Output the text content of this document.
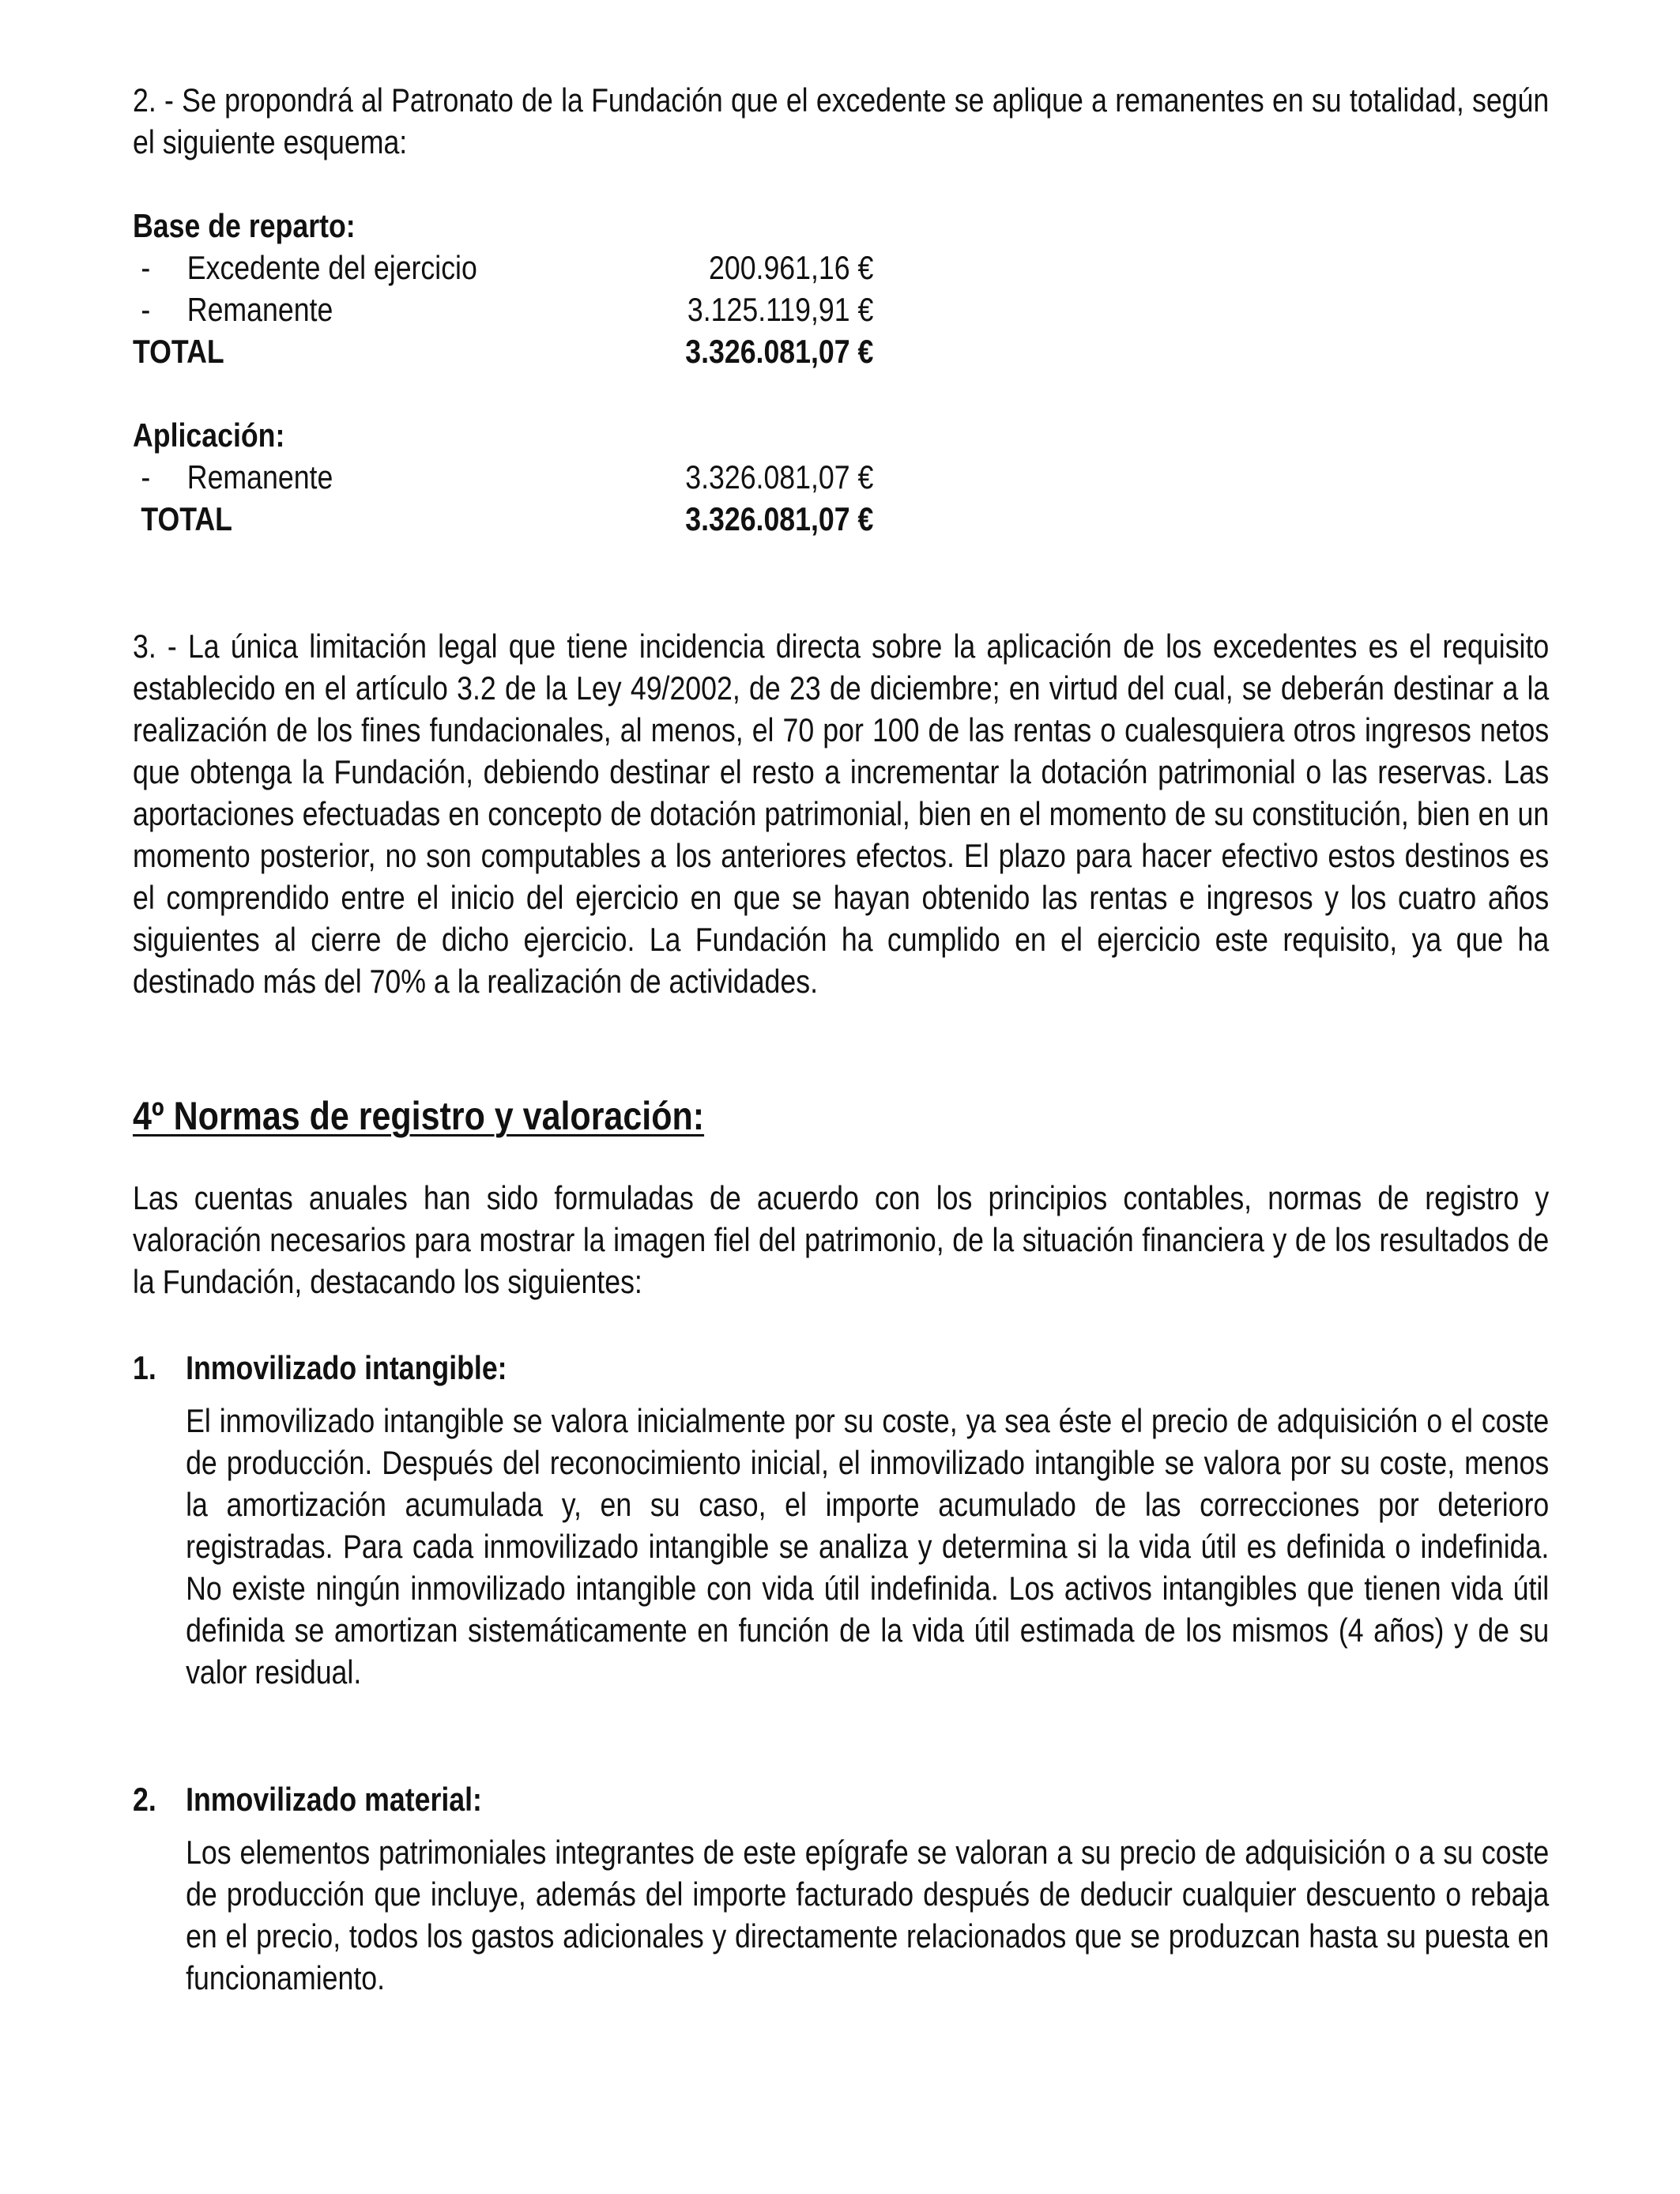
2. - Se propondrá al Patronato de la Fundación que el excedente se aplique a remanentes en su totalidad, según el siguiente esquema:

Base de reparto:
-	Excedente del ejercicio	200.961,16 €
-	Remanente	3.125.119,91 €
TOTAL	3.326.081,07 €
Aplicación:
-	Remanente	3.326.081,07 €
TOTAL	3.326.081,07 €

3. - La única limitación legal que tiene incidencia directa sobre la aplicación de los excedentes es el requisito establecido en el artículo 3.2 de la Ley 49/2002, de 23 de diciembre; en virtud del cual, se deberán destinar a la realización de los fines fundacionales, al menos, el 70 por 100 de las rentas o cualesquiera otros ingresos netos que obtenga la Fundación, debiendo destinar el resto a incrementar la dotación patrimonial o las reservas. Las aportaciones efectuadas en concepto de dotación patrimonial, bien en el momento de su constitución, bien en un momento posterior, no son computables a los anteriores efectos. El plazo para hacer efectivo estos destinos es el comprendido entre el inicio del ejercicio en que se hayan obtenido las rentas e ingresos y los cuatro años siguientes al cierre de dicho ejercicio. La Fundación ha cumplido en el ejercicio este requisito, ya que ha destinado más del 70% a la realización de actividades.

4º Normas de registro y valoración:

Las cuentas anuales han sido formuladas de acuerdo con los principios contables, normas de registro y valoración necesarios para mostrar la imagen fiel del patrimonio, de la situación financiera y de los resultados de la Fundación, destacando los siguientes:

1. Inmovilizado intangible:

El inmovilizado intangible se valora inicialmente por su coste, ya sea éste el precio de adquisición o el coste de producción. Después del reconocimiento inicial, el inmovilizado intangible se valora por su coste, menos la amortización acumulada y, en su caso, el importe acumulado de las correcciones por deterioro registradas. Para cada inmovilizado intangible se analiza y determina si la vida útil es definida o indefinida. No existe ningún inmovilizado intangible con vida útil indefinida. Los activos intangibles que tienen vida útil definida se amortizan sistemáticamente en función de la vida útil estimada de los mismos (4 años) y de su valor residual.

2. Inmovilizado material:

Los elementos patrimoniales integrantes de este epígrafe se valoran a su precio de adquisición o a su coste de producción que incluye, además del importe facturado después de deducir cualquier descuento o rebaja en el precio, todos los gastos adicionales y directamente relacionados que se produzcan hasta su puesta en funcionamiento.
